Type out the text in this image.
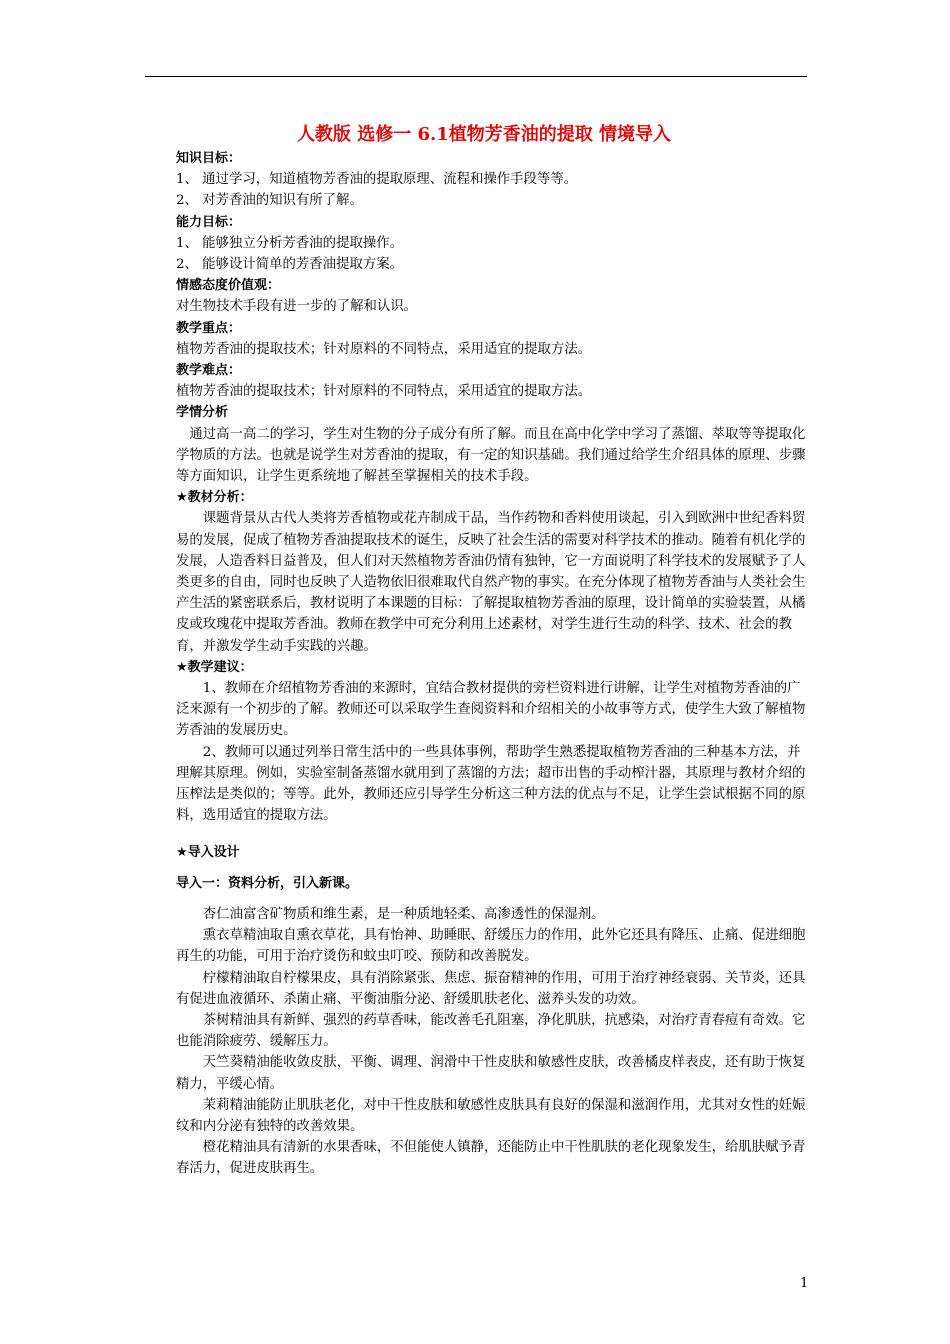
人教版 选修一 6.1植物芳香油的提取 情境导入
知识目标：

1、 通过学习，知道植物芳香油的提取原理、流程和操作手段等等。

2、 对芳香油的知识有所了解。

能力目标：

1、 能够独立分析芳香油的提取操作。

2、 能够设计简单的芳香油提取方案。

情感态度价值观：

对生物技术手段有进一步的了解和认识。

教学重点：

植物芳香油的提取技术；针对原料的不同特点，采用适宜的提取方法。

教学难点：

植物芳香油的提取技术；针对原料的不同特点，采用适宜的提取方法。

学情分析

通过高一高二的学习，学生对生物的分子成分有所了解。而且在高中化学中学习了蒸馏、萃取等等提取化学物质的方法。也就是说学生对芳香油的提取，有一定的知识基础。我们通过给学生介绍具体的原理、步骤等方面知识，让学生更系统地了解甚至掌握相关的技术手段。

★教材分析：

课题背景从古代人类将芳香植物或花卉制成干品，当作药物和香料使用谈起，引入到欧洲中世纪香料贸易的发展，促成了植物芳香油提取技术的诞生，反映了社会生活的需要对科学技术的推动。随着有机化学的发展，人造香料日益普及，但人们对天然植物芳香油仍情有独钟，它一方面说明了科学技术的发展赋予了人类更多的自由，同时也反映了人造物依旧很难取代自然产物的事实。在充分体现了植物芳香油与人类社会生产生活的紧密联系后，教材说明了本课题的目标：了解提取植物芳香油的原理，设计简单的实验装置，从橘皮或玫瑰花中提取芳香油。教师在教学中可充分利用上述素材，对学生进行生动的科学、技术、社会的教育，并激发学生动手实践的兴趣。

★教学建议：

1、教师在介绍植物芳香油的来源时，宜结合教材提供的旁栏资料进行讲解，让学生对植物芳香油的广泛来源有一个初步的了解。教师还可以采取学生查阅资料和介绍相关的小故事等方式，使学生大致了解植物芳香油的发展历史。

2、教师可以通过列举日常生活中的一些具体事例，帮助学生熟悉提取植物芳香油的三种基本方法，并理解其原理。例如，实验室制备蒸馏水就用到了蒸馏的方法；超市出售的手动榨汁器，其原理与教材介绍的压榨法是类似的；等等。此外，教师还应引导学生分析这三种方法的优点与不足，让学生尝试根据不同的原料，选用适宜的提取方法。

★导入设计
导入一：资料分析，引入新课。

杏仁油富含矿物质和维生素，是一种质地轻柔、高渗透性的保湿剂。

熏衣草精油取自熏衣草花，具有怡神、助睡眠、舒缓压力的作用，此外它还具有降压、止痛、促进细胞再生的功能，可用于治疗烫伤和蚊虫叮咬、预防和改善脱发。

柠檬精油取自柠檬果皮，具有消除紧张、焦虑、振奋精神的作用，可用于治疗神经衰弱、关节炎，还具有促进血液循环、杀菌止痛、平衡油脂分泌、舒缓肌肤老化、滋养头发的功效。

茶树精油具有新鲜、强烈的药草香味，能改善毛孔阻塞，净化肌肤，抗感染，对治疗青春痘有奇效。它也能消除疲劳、缓解压力。

天竺葵精油能收敛皮肤，平衡、调理、润滑中干性皮肤和敏感性皮肤，改善橘皮样表皮，还有助于恢复精力，平缓心情。

茉莉精油能防止肌肤老化，对中干性皮肤和敏感性皮肤具有良好的保湿和滋润作用，尤其对女性的妊娠纹和内分泌有独特的改善效果。

橙花精油具有清新的水果香味，不但能使人镇静，还能防止中干性肌肤的老化现象发生，给肌肤赋予青春活力，促进皮肤再生。

1
